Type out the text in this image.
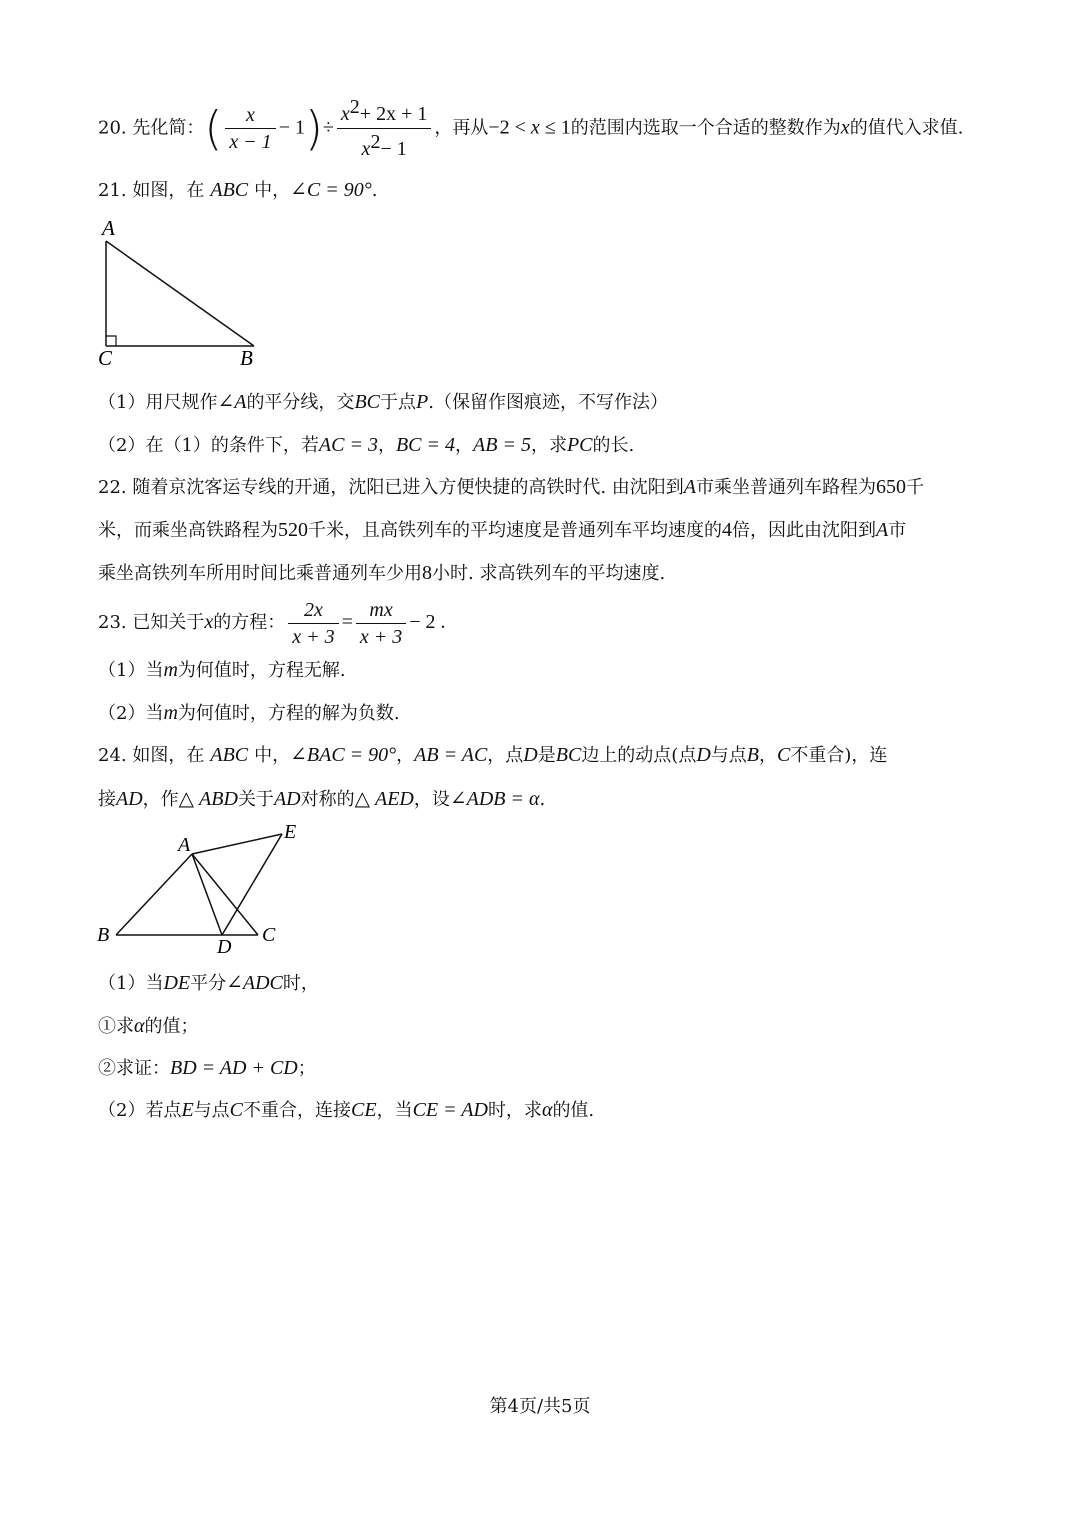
20. 先化简：( $\frac{x}{x - 1} - 1)\div \frac{x^2+ 2x + 1}{x^2- 1}$ ，再从−2 < x ≤ 1的范围内选取一个合适的整数作为x的值代入求值.
21. 如图，在 ABC 中，∠C = 90°.
A
C	B
（1）用尺规作∠A的平分线，交BC于点P.（保留作图痕迹，不写作法）
（2）在（1）的条件下，若AC = 3，BC = 4，AB = 5，求PC的长.
22. 随着京沈客运专线的开通，沈阳已进入方便快捷的高铁时代. 由沈阳到A市乘坐普通列车路程为650千
米，而乘坐高铁路程为520千米，且高铁列车的平均速度是普通列车平均速度的4倍，因此由沈阳到A市
乘坐高铁列车所用时间比乘普通列车少用8小时. 求高铁列车的平均速度.
23. 已知关于x的方程： $\frac{2x}{x + 3} = \frac{mx}{x + 3} - 2$ .
（1）当m为何值时，方程无解.
（2）当m为何值时，方程的解为负数.
24. 如图，在 ABC 中，∠BAC = 90°，AB = AC，点D是BC边上的动点(点D与点B，C不重合)，连
接AD，作△ ABD关于AD对称的△ AED，设∠ADB = α.
A
E
B
D
C
（1）当DE平分∠ADC时，
①求α的值；
②求证：BD = AD + CD；
（2）若点E与点C不重合，连接CE，当CE = AD时，求α的值.
第4页/共5页
